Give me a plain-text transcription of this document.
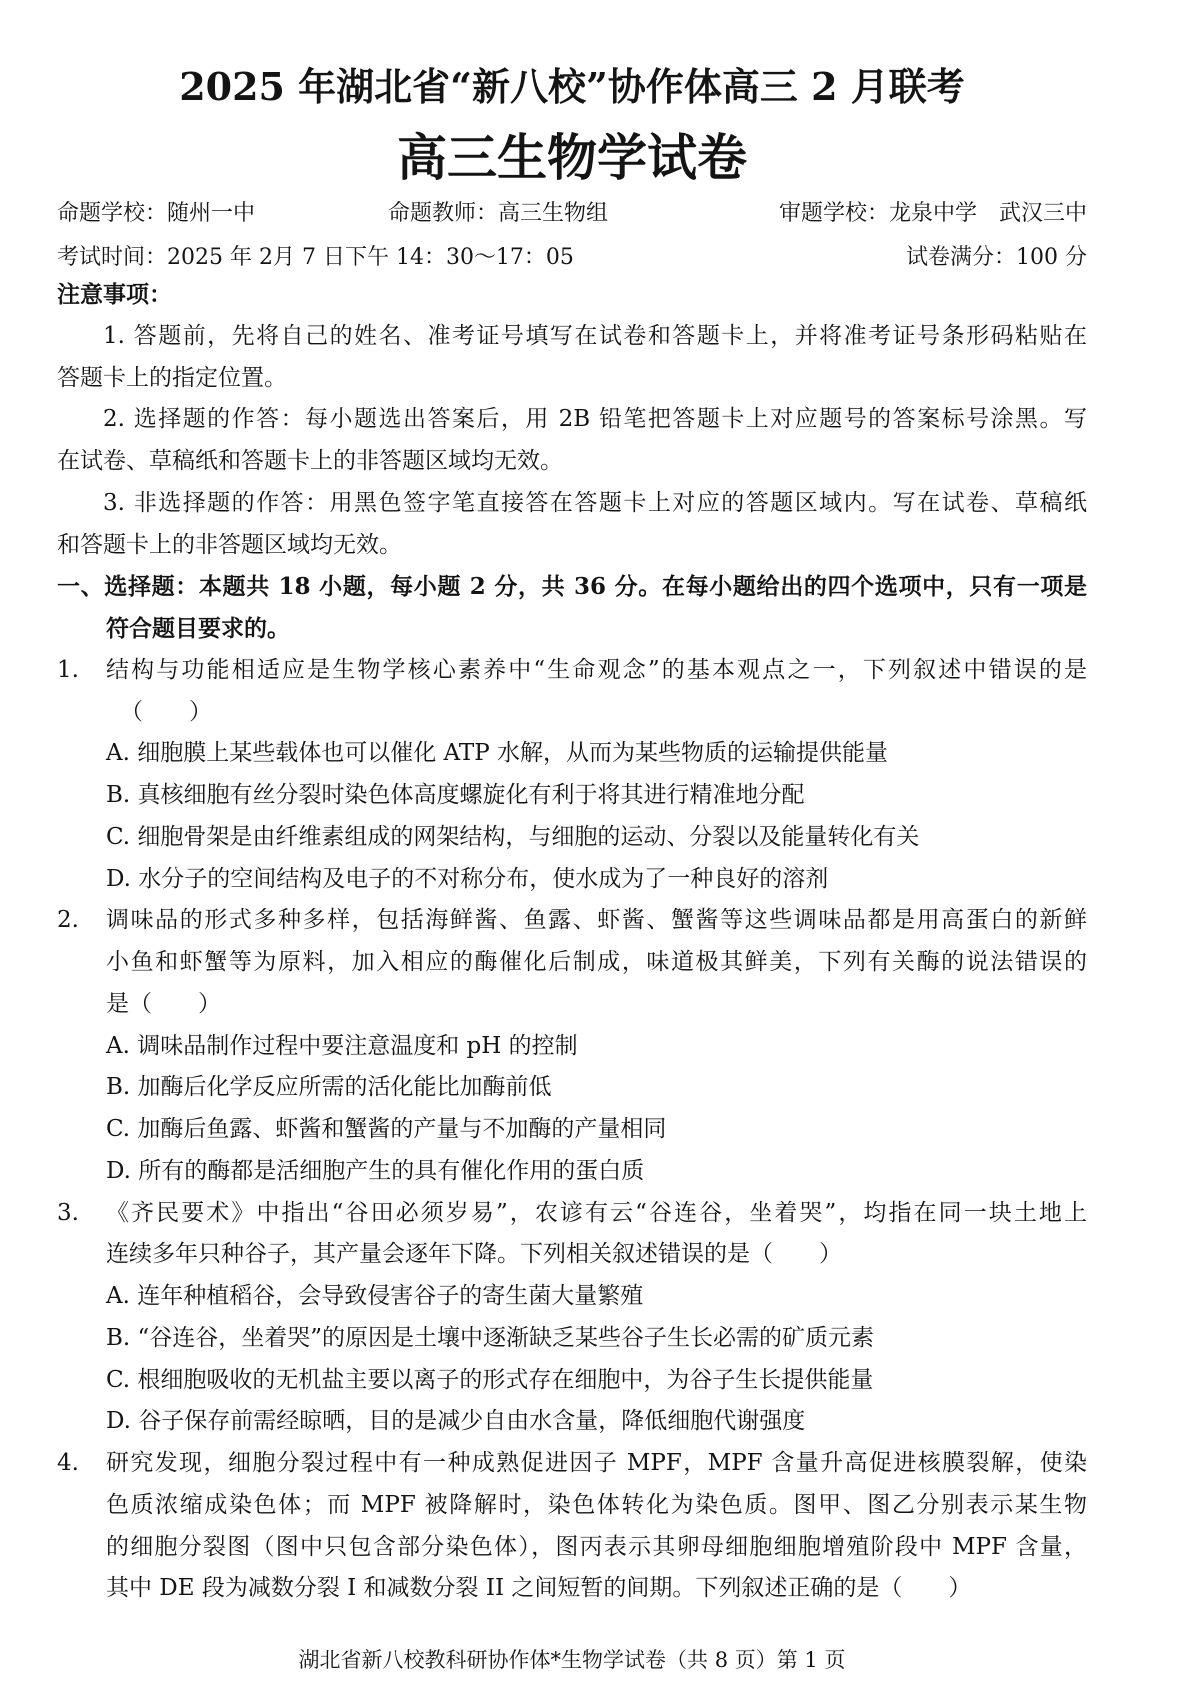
2025 年湖北省“新八校”协作体高三 2 月联考
高三生物学试卷
命题学校：随州一中	命题教师：高三生物组	审题学校：龙泉中学　武汉三中
考试时间：2025 年 2月 7 日下午 14：30～17：05	试卷满分：100 分
注意事项：
1. 答题前，先将自己的姓名、准考证号填写在试卷和答题卡上，并将准考证号条形码粘贴在
答题卡上的指定位置。
2. 选择题的作答：每小题选出答案后，用 2B 铅笔把答题卡上对应题号的答案标号涂黑。写
在试卷、草稿纸和答题卡上的非答题区域均无效。
3. 非选择题的作答：用黑色签字笔直接答在答题卡上对应的答题区域内。写在试卷、草稿纸
和答题卡上的非答题区域均无效。
一、选择题：本题共 18 小题，每小题 2 分，共 36 分。在每小题给出的四个选项中，只有一项是
符合题目要求的。
1. 结构与功能相适应是生物学核心素养中“生命观念”的基本观点之一，下列叙述中错误的是
（　　）
A. 细胞膜上某些载体也可以催化 ATP 水解，从而为某些物质的运输提供能量
B. 真核细胞有丝分裂时染色体高度螺旋化有利于将其进行精准地分配
C. 细胞骨架是由纤维素组成的网架结构，与细胞的运动、分裂以及能量转化有关
D. 水分子的空间结构及电子的不对称分布，使水成为了一种良好的溶剂
2. 调味品的形式多种多样，包括海鲜酱、鱼露、虾酱、蟹酱等这些调味品都是用高蛋白的新鲜
小鱼和虾蟹等为原料，加入相应的酶催化后制成，味道极其鲜美，下列有关酶的说法错误的
是（　　）
A. 调味品制作过程中要注意温度和 pH 的控制
B. 加酶后化学反应所需的活化能比加酶前低
C. 加酶后鱼露、虾酱和蟹酱的产量与不加酶的产量相同
D. 所有的酶都是活细胞产生的具有催化作用的蛋白质
3. 《齐民要术》中指出“谷田必须岁易”，农谚有云“谷连谷，坐着哭”，均指在同一块土地上
连续多年只种谷子，其产量会逐年下降。下列相关叙述错误的是（　　）
A. 连年种植稻谷，会导致侵害谷子的寄生菌大量繁殖
B. “谷连谷，坐着哭”的原因是土壤中逐渐缺乏某些谷子生长必需的矿质元素
C. 根细胞吸收的无机盐主要以离子的形式存在细胞中，为谷子生长提供能量
D. 谷子保存前需经晾晒，目的是减少自由水含量，降低细胞代谢强度
4. 研究发现，细胞分裂过程中有一种成熟促进因子 MPF，MPF 含量升高促进核膜裂解，使染
色质浓缩成染色体；而 MPF 被降解时，染色体转化为染色质。图甲、图乙分别表示某生物
的细胞分裂图（图中只包含部分染色体），图丙表示其卵母细胞细胞增殖阶段中 MPF 含量，
其中 DE 段为减数分裂 I 和减数分裂 II 之间短暂的间期。下列叙述正确的是（　　）
湖北省新八校教科研协作体*生物学试卷（共 8 页）第 1 页
